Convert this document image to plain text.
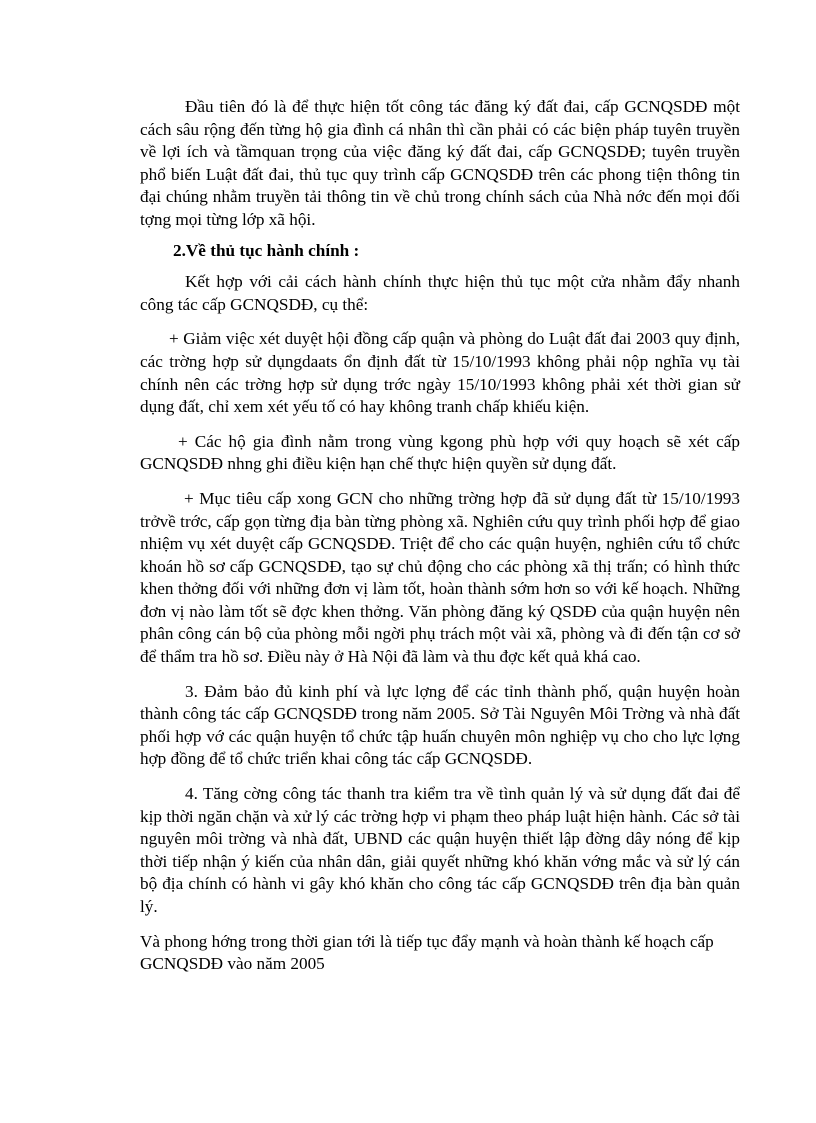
Đầu tiên đó là để thực hiện tốt công tác đăng ký đất đai, cấp GCNQSDĐ một cách sâu rộng đến từng hộ gia đình cá nhân thì cần phải có các biện pháp tuyên truyền về lợi ích và tầmquan trọng của việc đăng ký đất đai, cấp GCNQSDĐ; tuyên truyền phổ biến Luật đất đai, thủ tục quy trình cấp GCNQSDĐ trên các phong tiện thông tin đại chúng nhằm truyền tải thông tin về chủ trong chính sách của Nhà nớc đến mọi đối tợng mọi từng lớp xã hội.

2.Về thủ tục hành chính :

Kết hợp với cải cách hành chính thực hiện thủ tục một cửa nhằm đẩy nhanh công tác cấp GCNQSDĐ, cụ thể:

+ Giảm việc xét duyệt hội đồng cấp quận và phòng do Luật đất đai 2003 quy định, các trờng hợp sử dụngdaats ổn định đất từ 15/10/1993 không phải nộp nghĩa vụ tài chính nên các trờng hợp sử dụng trớc ngày 15/10/1993 không phải xét thời gian sử dụng đất, chỉ xem xét yếu tố có hay không tranh chấp khiếu kiện.

+ Các hộ gia đình nằm trong vùng kgong phù hợp với quy hoạch sẽ xét cấp GCNQSDĐ nhng ghi điều kiện hạn chế thực hiện quyền sử dụng đất.

+ Mục tiêu cấp xong GCN cho những trờng hợp đã sử dụng đất từ 15/10/1993 trởvề trớc, cấp gọn từng địa bàn từng phòng xã. Nghiên cứu quy trình phối hợp để giao nhiệm vụ xét duyệt cấp GCNQSDĐ. Triệt để cho các quận huyện, nghiên cứu tổ chức khoán hồ sơ cấp GCNQSDĐ, tạo sự chủ động cho các phòng xã thị trấn; có hình thức khen thởng đối với những đơn vị làm tốt, hoàn thành sớm hơn so với kế hoạch. Những đơn vị nào làm tốt sẽ đợc khen thởng. Văn phòng đăng ký QSDĐ của quận huyện nên phân công cán bộ của phòng mỗi ngời phụ trách một vài xã, phòng và đi đến tận cơ sở để thẩm tra hồ sơ. Điều này ở Hà Nội đã làm và thu đợc kết quả khá cao.

3. Đảm bảo đủ kinh phí và lực lợng để các tỉnh thành phố, quận huyện hoàn thành công tác cấp GCNQSDĐ trong năm 2005. Sở Tài Nguyên Môi Trờng và nhà đất phối hợp vớ các quận huyện tổ chức tập huấn chuyên môn nghiệp vụ cho cho lực lợng hợp đồng để tổ chức triển khai công tác cấp GCNQSDĐ.

4. Tăng cờng công tác thanh tra kiểm tra về tình quản lý và sử dụng đất đai để kịp thời ngăn chặn và xử lý các trờng hợp vi phạm theo pháp luật hiện hành. Các sở tài nguyên môi trờng và nhà đất, UBND các quận huyện thiết lập đờng dây nóng để kịp thời tiếp nhận ý kiến của nhân dân, giải quyết những khó khăn vớng mắc và sử lý cán bộ địa chính có hành vi gây khó khăn cho công tác cấp GCNQSDĐ trên địa bàn quản lý.

Và phong hớng trong thời gian tới là tiếp tục đẩy mạnh và hoàn thành kế hoạch cấp GCNQSDĐ vào năm 2005
